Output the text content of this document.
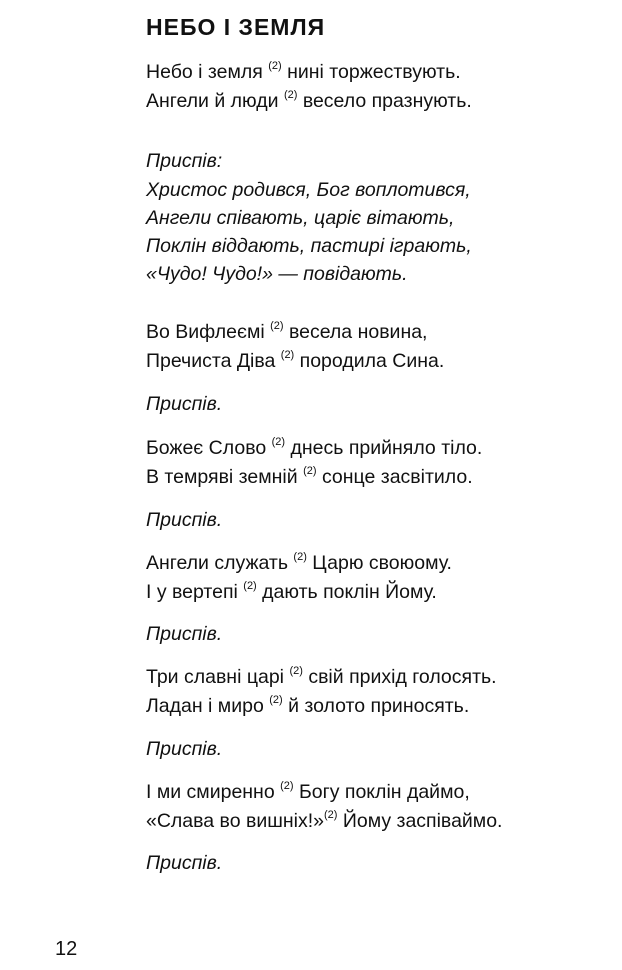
НЕБО І ЗЕМЛЯ
Небо і земля $^{(2)}$ нині торжествують.
Ангели й люди $^{(2)}$ весело празнують.
Приспів:
Христос родився, Бог воплотився,
Ангели співають, царіє вітають,
Поклін віддають, пастирі іграють,
«Чудо! Чудо!» — повідають.
Во Вифлеємі $^{(2)}$ весела новина,
Пречиста Діва $^{(2)}$ породила Сина.
Приспів.
Божеє Слово $^{(2)}$ днесь прийняло тіло.
В темряві земній $^{(2)}$ сонце засвітило.
Приспів.
Ангели служать $^{(2)}$ Царю своюому.
І у вертепі $^{(2)}$ дають поклін Йому.
Приспів.
Три славні царі $^{(2)}$ свій прихід голосять.
Ладан і миро $^{(2)}$ й золото приносять.
Приспів.
І ми смиренно $^{(2)}$ Богу поклін даймо,
«Слава во вишніх!»$^{(2)}$ Йому заспіваймо.
Приспів.
12
